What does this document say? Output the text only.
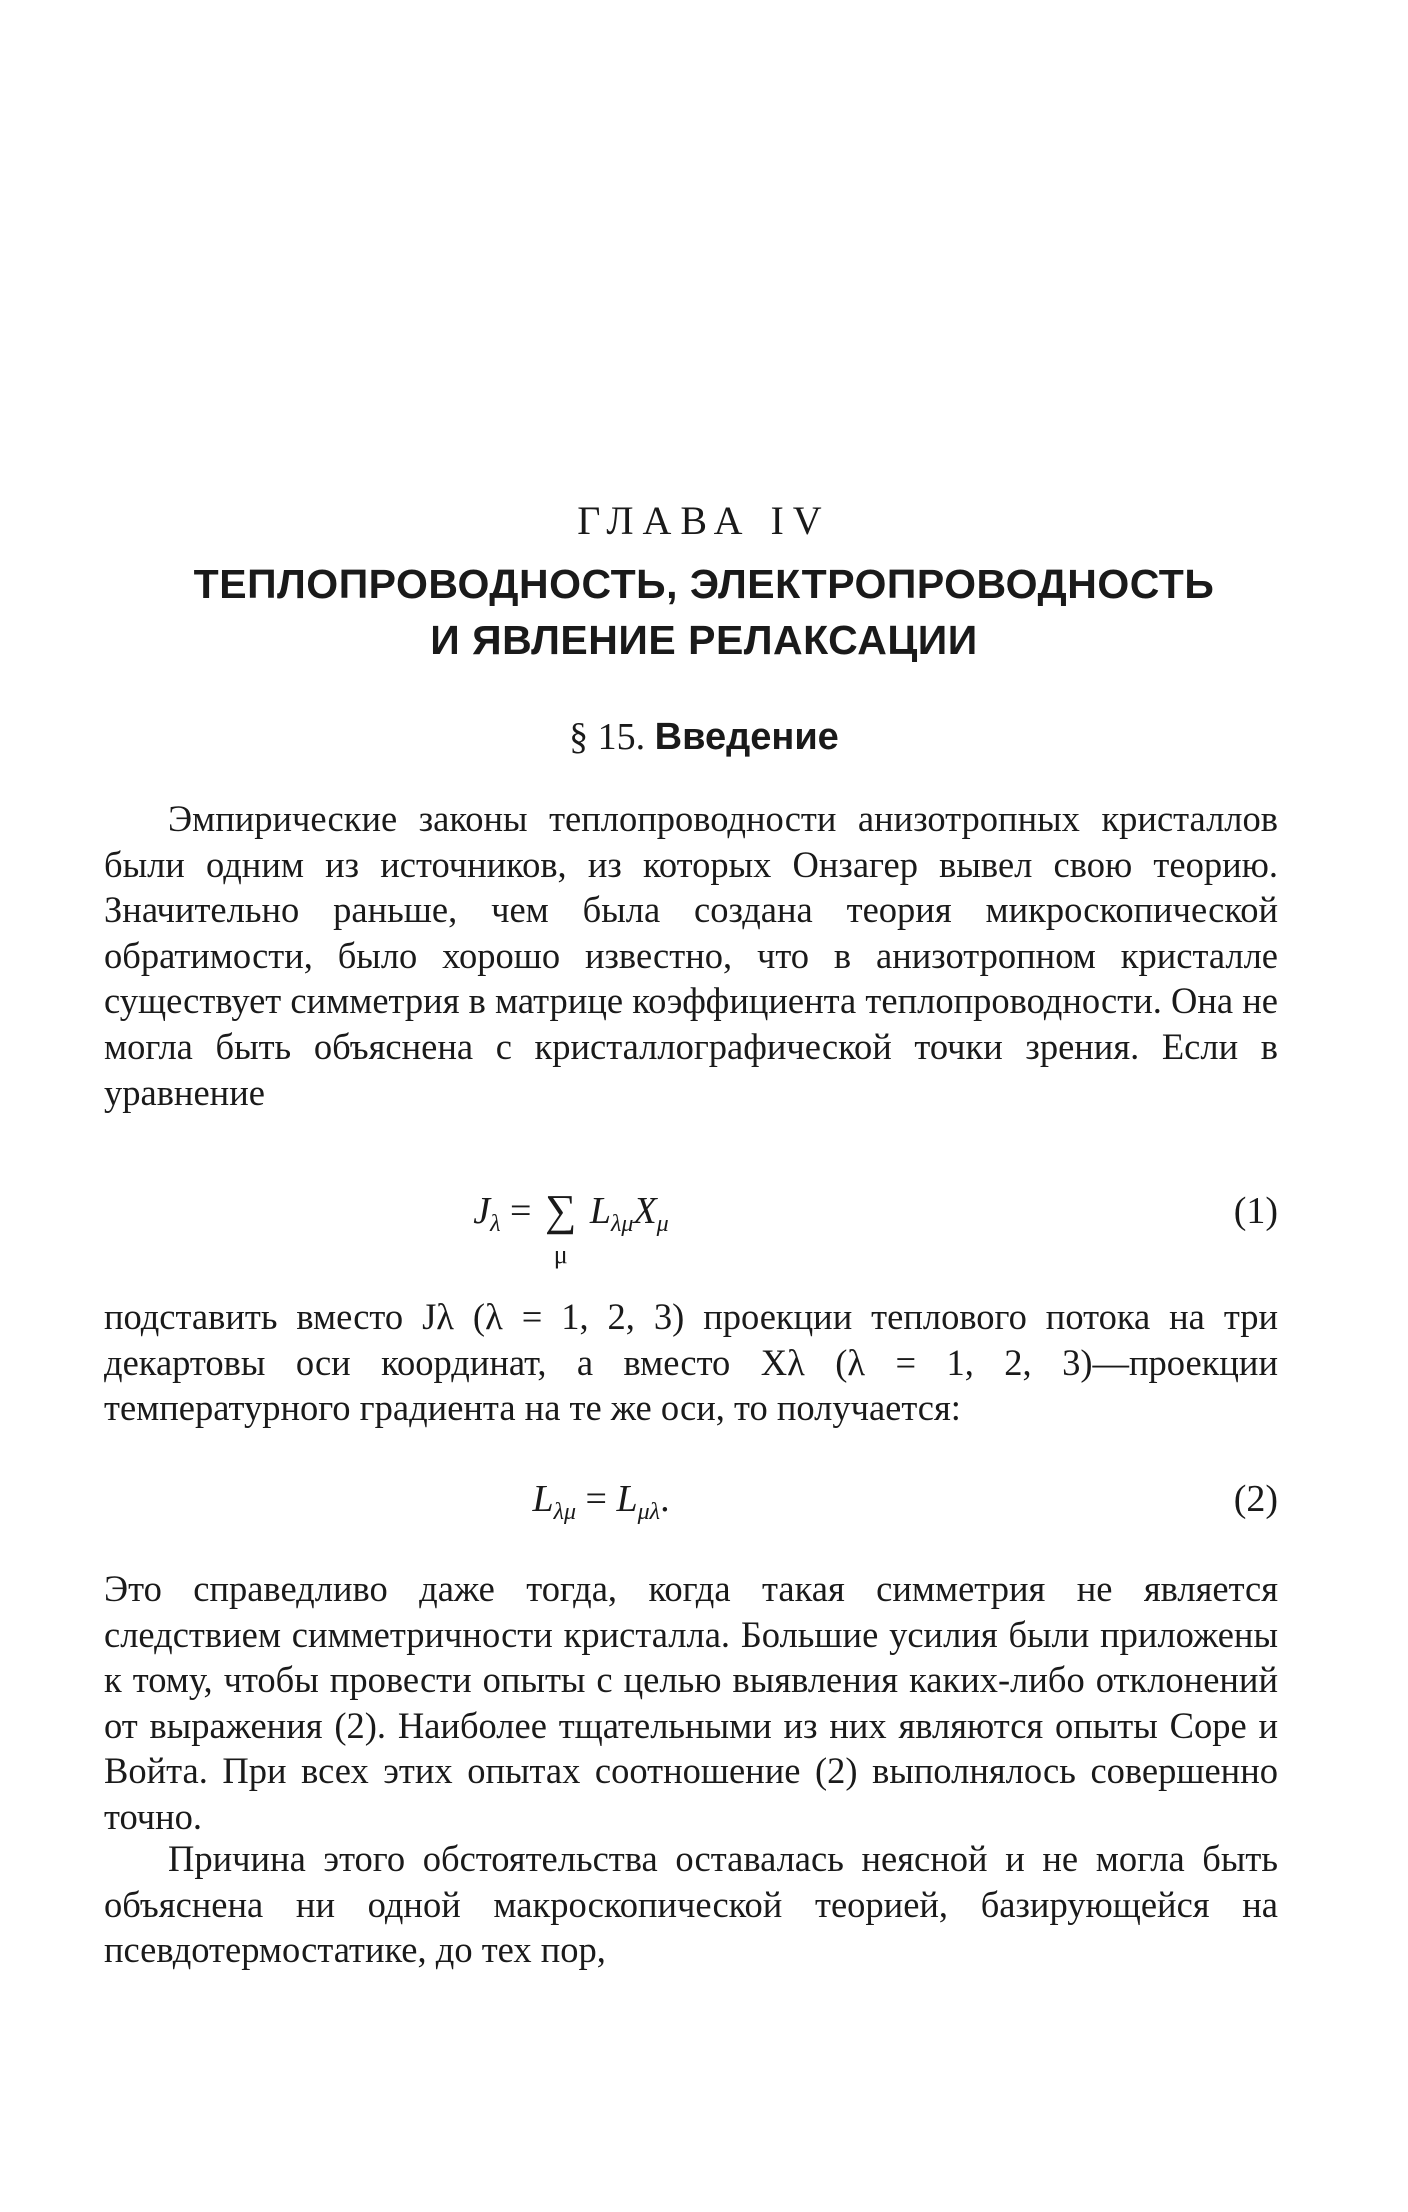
ГЛАВА IV
ТЕПЛОПРОВОДНОСТЬ, ЭЛЕКТРОПРОВОДНОСТЬ
И ЯВЛЕНИЕ РЕЛАКСАЦИИ
§ 15. Введение

Эмпирические законы теплопроводности анизотропных кристаллов были одним из источников, из которых Онзагер вывел свою теорию. Значительно раньше, чем была создана теория микроскопической обратимости, было хорошо известно, что в анизотропном кристалле существует симметрия в матрице коэффициента теплопроводности. Она не могла быть объяснена с кристаллографической точки зрения. Если в уравнение

$J_\lambda$ = ∑
μ
$L_{\lambda\mu}X_\mu$	(1)

подставить вместо Jλ (λ = 1, 2, 3) проекции теплового потока на три декартовы оси координат, а вместо Xλ (λ = 1, 2, 3)—проекции температурного градиента на те же оси, то получается:

$L_{\lambda\mu} = L_{\mu\lambda}$.	(2)

Это справедливо даже тогда, когда такая симметрия не является следствием симметричности кристалла. Большие усилия были приложены к тому, чтобы провести опыты с целью выявления каких-либо отклонений от выражения (2). Наиболее тщательными из них являются опыты Соре и Войта. При всех этих опытах соотношение (2) выполнялось совершенно точно.

Причина этого обстоятельства оставалась неясной и не могла быть объяснена ни одной макроскопической теорией, базирующейся на псевдотермостатике, до тех пор,
